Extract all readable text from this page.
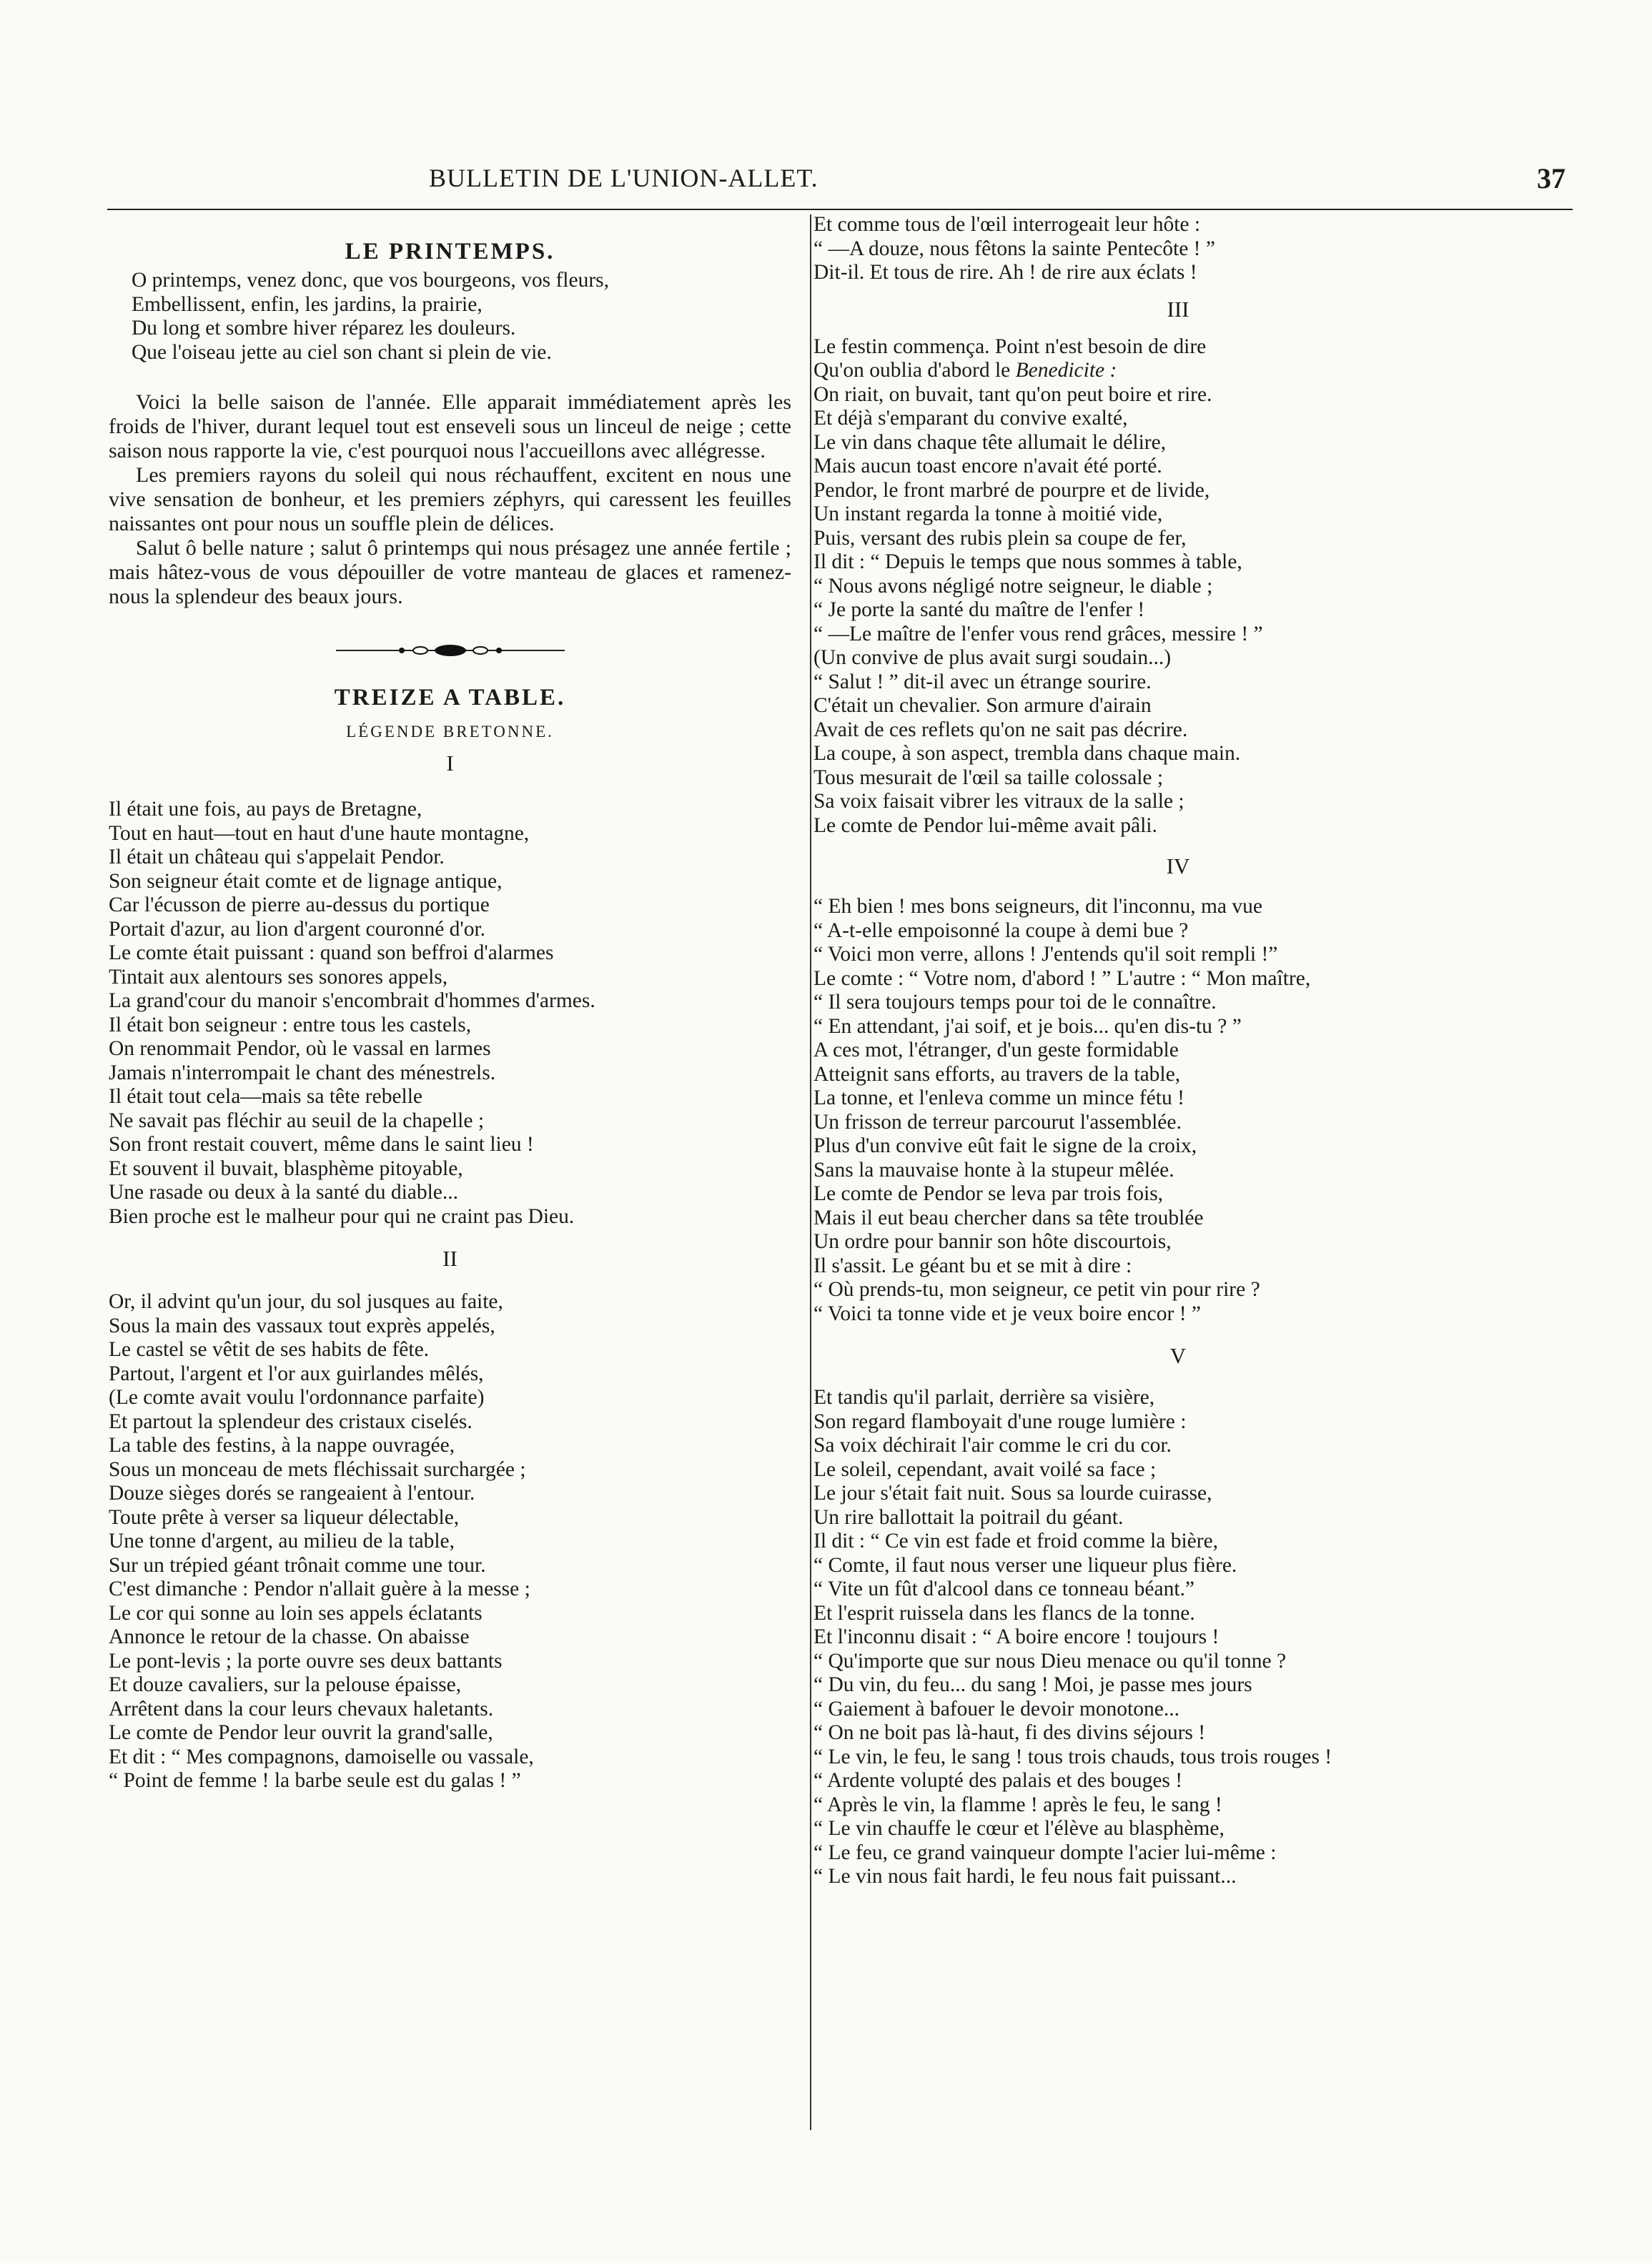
BULLETIN DE L'UNION-ALLET.	37
LE PRINTEMPS.
O printemps, venez donc, que vos bourgeons, vos fleurs,
Embellissent, enfin, les jardins, la prairie,
Du long et sombre hiver réparez les douleurs.
Que l'oiseau jette au ciel son chant si plein de vie.

Voici la belle saison de l'année. Elle apparait immédiatement après les froids de l'hiver, durant lequel tout est enseveli sous un linceul de neige ; cette saison nous rapporte la vie, c'est pourquoi nous l'accueillons avec allégresse.

Les premiers rayons du soleil qui nous réchauffent, excitent en nous une vive sensation de bonheur, et les premiers zéphyrs, qui caressent les feuilles naissantes ont pour nous un souffle plein de délices.

Salut ô belle nature ; salut ô printemps qui nous présagez une année fertile ; mais hâtez-vous de vous dépouiller de votre manteau de glaces et ramenez-nous la splendeur des beaux jours.

TREIZE A TABLE.
LÉGENDE BRETONNE.
I
Il était une fois, au pays de Bretagne,
Tout en haut—tout en haut d'une haute montagne,
Il était un château qui s'appelait Pendor.
Son seigneur était comte et de lignage antique,
Car l'écusson de pierre au-dessus du portique
Portait d'azur, au lion d'argent couronné d'or.
Le comte était puissant : quand son beffroi d'alarmes
Tintait aux alentours ses sonores appels,
La grand'cour du manoir s'encombrait d'hommes d'armes.
Il était bon seigneur : entre tous les castels,
On renommait Pendor, où le vassal en larmes
Jamais n'interrompait le chant des ménestrels.
Il était tout cela—mais sa tête rebelle
Ne savait pas fléchir au seuil de la chapelle ;
Son front restait couvert, même dans le saint lieu !
Et souvent il buvait, blasphème pitoyable,
Une rasade ou deux à la santé du diable...
Bien proche est le malheur pour qui ne craint pas Dieu.
II
Or, il advint qu'un jour, du sol jusques au faite,
Sous la main des vassaux tout exprès appelés,
Le castel se vêtit de ses habits de fête.
Partout, l'argent et l'or aux guirlandes mêlés,
(Le comte avait voulu l'ordonnance parfaite)
Et partout la splendeur des cristaux ciselés.
La table des festins, à la nappe ouvragée,
Sous un monceau de mets fléchissait surchargée ;
Douze sièges dorés se rangeaient à l'entour.
Toute prête à verser sa liqueur délectable,
Une tonne d'argent, au milieu de la table,
Sur un trépied géant trônait comme une tour.
C'est dimanche : Pendor n'allait guère à la messe ;
Le cor qui sonne au loin ses appels éclatants
Annonce le retour de la chasse. On abaisse
Le pont-levis ; la porte ouvre ses deux battants
Et douze cavaliers, sur la pelouse épaisse,
Arrêtent dans la cour leurs chevaux haletants.
Le comte de Pendor leur ouvrit la grand'salle,
Et dit : “ Mes compagnons, damoiselle ou vassale,
“ Point de femme ! la barbe seule est du galas ! ”
Et comme tous de l'œil interrogeait leur hôte :
“ —A douze, nous fêtons la sainte Pentecôte ! ”
Dit-il. Et tous de rire. Ah ! de rire aux éclats !
III
Le festin commença. Point n'est besoin de dire
Qu'on oublia d'abord le Benedicite :
On riait, on buvait, tant qu'on peut boire et rire.
Et déjà s'emparant du convive exalté,
Le vin dans chaque tête allumait le délire,
Mais aucun toast encore n'avait été porté.
Pendor, le front marbré de pourpre et de livide,
Un instant regarda la tonne à moitié vide,
Puis, versant des rubis plein sa coupe de fer,
Il dit : “ Depuis le temps que nous sommes à table,
“ Nous avons négligé notre seigneur, le diable ;
“ Je porte la santé du maître de l'enfer !
“ —Le maître de l'enfer vous rend grâces, messire ! ”
(Un convive de plus avait surgi soudain...)
“ Salut ! ” dit-il avec un étrange sourire.
C'était un chevalier. Son armure d'airain
Avait de ces reflets qu'on ne sait pas décrire.
La coupe, à son aspect, trembla dans chaque main.
Tous mesurait de l'œil sa taille colossale ;
Sa voix faisait vibrer les vitraux de la salle ;
Le comte de Pendor lui-même avait pâli.
IV
“ Eh bien ! mes bons seigneurs, dit l'inconnu, ma vue
“ A-t-elle empoisonné la coupe à demi bue ?
“ Voici mon verre, allons ! J'entends qu'il soit rempli !”
Le comte : “ Votre nom, d'abord ! ” L'autre : “ Mon maître,
“ Il sera toujours temps pour toi de le connaître.
“ En attendant, j'ai soif, et je bois... qu'en dis-tu ? ”
A ces mot, l'étranger, d'un geste formidable
Atteignit sans efforts, au travers de la table,
La tonne, et l'enleva comme un mince fétu !
Un frisson de terreur parcourut l'assemblée.
Plus d'un convive eût fait le signe de la croix,
Sans la mauvaise honte à la stupeur mêlée.
Le comte de Pendor se leva par trois fois,
Mais il eut beau chercher dans sa tête troublée
Un ordre pour bannir son hôte discourtois,
Il s'assit. Le géant bu et se mit à dire :
“ Où prends-tu, mon seigneur, ce petit vin pour rire ?
“ Voici ta tonne vide et je veux boire encor ! ”
V
Et tandis qu'il parlait, derrière sa visière,
Son regard flamboyait d'une rouge lumière :
Sa voix déchirait l'air comme le cri du cor.
Le soleil, cependant, avait voilé sa face ;
Le jour s'était fait nuit. Sous sa lourde cuirasse,
Un rire ballottait la poitrail du géant.
Il dit : “ Ce vin est fade et froid comme la bière,
“ Comte, il faut nous verser une liqueur plus fière.
“ Vite un fût d'alcool dans ce tonneau béant.”
Et l'esprit ruissela dans les flancs de la tonne.
Et l'inconnu disait : “ A boire encore ! toujours !
“ Qu'importe que sur nous Dieu menace ou qu'il tonne ?
“ Du vin, du feu... du sang ! Moi, je passe mes jours
“ Gaiement à bafouer le devoir monotone...
“ On ne boit pas là-haut, fi des divins séjours !
“ Le vin, le feu, le sang ! tous trois chauds, tous trois rouges !
“ Ardente volupté des palais et des bouges !
“ Après le vin, la flamme ! après le feu, le sang !
“ Le vin chauffe le cœur et l'élève au blasphème,
“ Le feu, ce grand vainqueur dompte l'acier lui-même :
“ Le vin nous fait hardi, le feu nous fait puissant...
